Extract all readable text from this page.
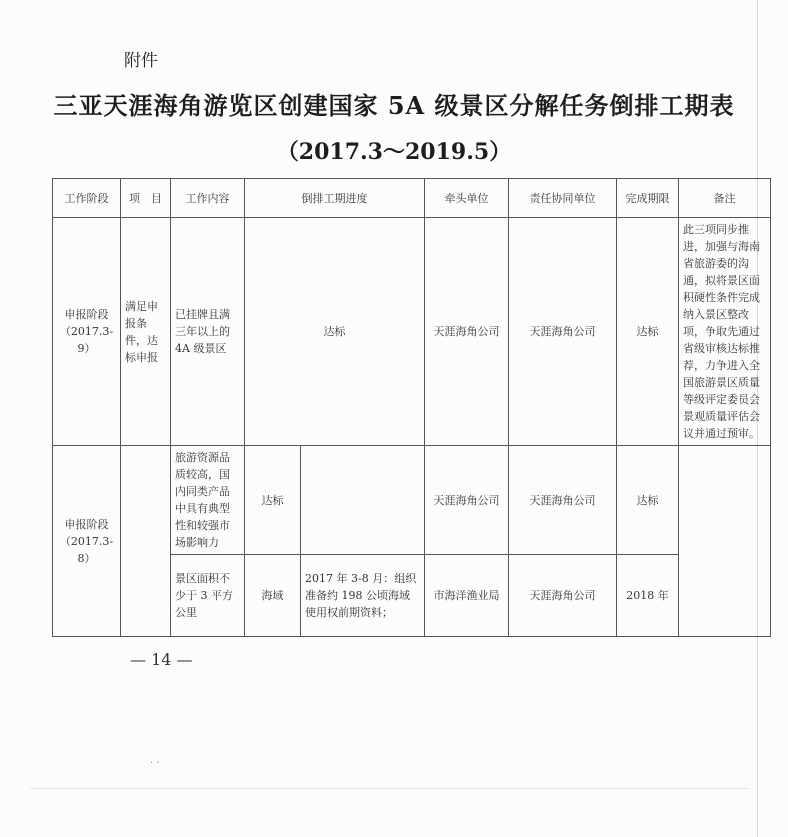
附件
三亚天涯海角游览区创建国家 5A 级景区分解任务倒排工期表
（2017.3～2019.5）
工作阶段	项　目	工作内容	倒排工期进度		牵头单位	责任协同单位	完成期限	备注
申报阶段（2017.3-9）	满足申报条件，达标申报	已挂牌且满三年以上的 4A 级景区	达标		天涯海角公司	天涯海角公司	达标	此三项同步推进，加强与海南省旅游委的沟通，拟将景区面积硬性条件完成纳入景区整改项，争取先通过省级审核达标推荐，力争进入全国旅游景区质量等级评定委员会景观质量评估会议并通过预审。
申报阶段（2017.3-8）		旅游资源品质较高，国内同类产品中具有典型性和较强市场影响力	达标		天涯海角公司	天涯海角公司	达标	
		景区面积不少于 3 平方公里	海域	2017 年 3-8 月：组织准备约 198 公顷海域使用权前期资料；	市海洋渔业局	天涯海角公司	2018 年	
— 14 —
· ·
